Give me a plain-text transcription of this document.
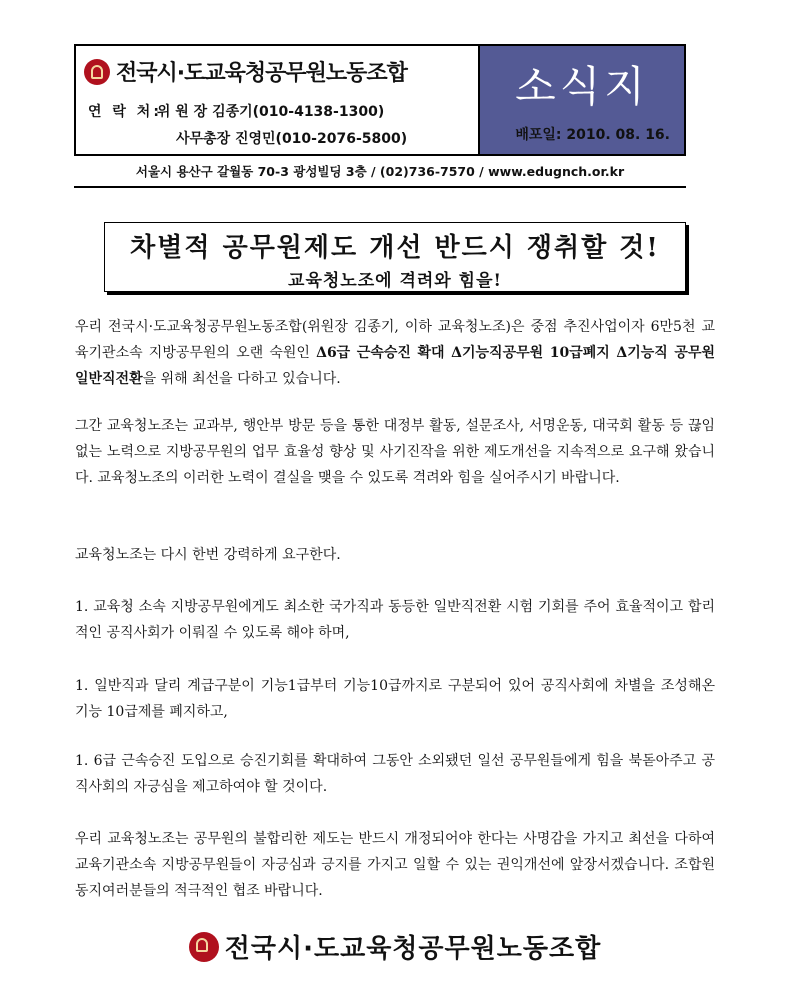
전국시·도교육청공무원노동조합
연 락 처: 위 원 장 김종기(010-4138-1300)
사무총장 진영민(010-2076-5800)
소식지
배포일: 2010. 08. 16.
서울시 용산구 갈월동 70-3 광성빌딩 3층 / (02)736-7570 / www.edugnch.or.kr
차별적 공무원제도 개선 반드시 쟁취할 것!
교육청노조에 격려와 힘을!
우리 전국시·도교육청공무원노동조합(위원장 김종기, 이하 교육청노조)은 중점 추진사업이자 6만5천 교육기관소속 지방공무원의 오랜 숙원인 Δ6급 근속승진 확대 Δ기능직공무원 10급폐지 Δ기능직 공무원 일반직전환을 위해 최선을 다하고 있습니다.
그간 교육청노조는 교과부, 행안부 방문 등을 통한 대정부 활동, 설문조사, 서명운동, 대국회 활동 등 끊임없는 노력으로 지방공무원의 업무 효율성 향상 및 사기진작을 위한 제도개선을 지속적으로 요구해 왔습니다. 교육청노조의 이러한 노력이 결실을 맺을 수 있도록 격려와 힘을 실어주시기 바랍니다.
교육청노조는 다시 한번 강력하게 요구한다.
1. 교육청 소속 지방공무원에게도 최소한 국가직과 동등한 일반직전환 시험 기회를 주어 효율적이고 합리적인 공직사회가 이뤄질 수 있도록 해야 하며,
1. 일반직과 달리 계급구분이 기능1급부터 기능10급까지로 구분되어 있어 공직사회에 차별을 조성해온 기능 10급제를 폐지하고,
1. 6급 근속승진 도입으로 승진기회를 확대하여 그동안 소외됐던 일선 공무원들에게 힘을 북돋아주고 공직사회의 자긍심을 제고하여야 할 것이다.
우리 교육청노조는 공무원의 불합리한 제도는 반드시 개정되어야 한다는 사명감을 가지고 최선을 다하여 교육기관소속 지방공무원들이 자긍심과 긍지를 가지고 일할 수 있는 권익개선에 앞장서겠습니다. 조합원 동지여러분들의 적극적인 협조 바랍니다.
전국시·도교육청공무원노동조합
